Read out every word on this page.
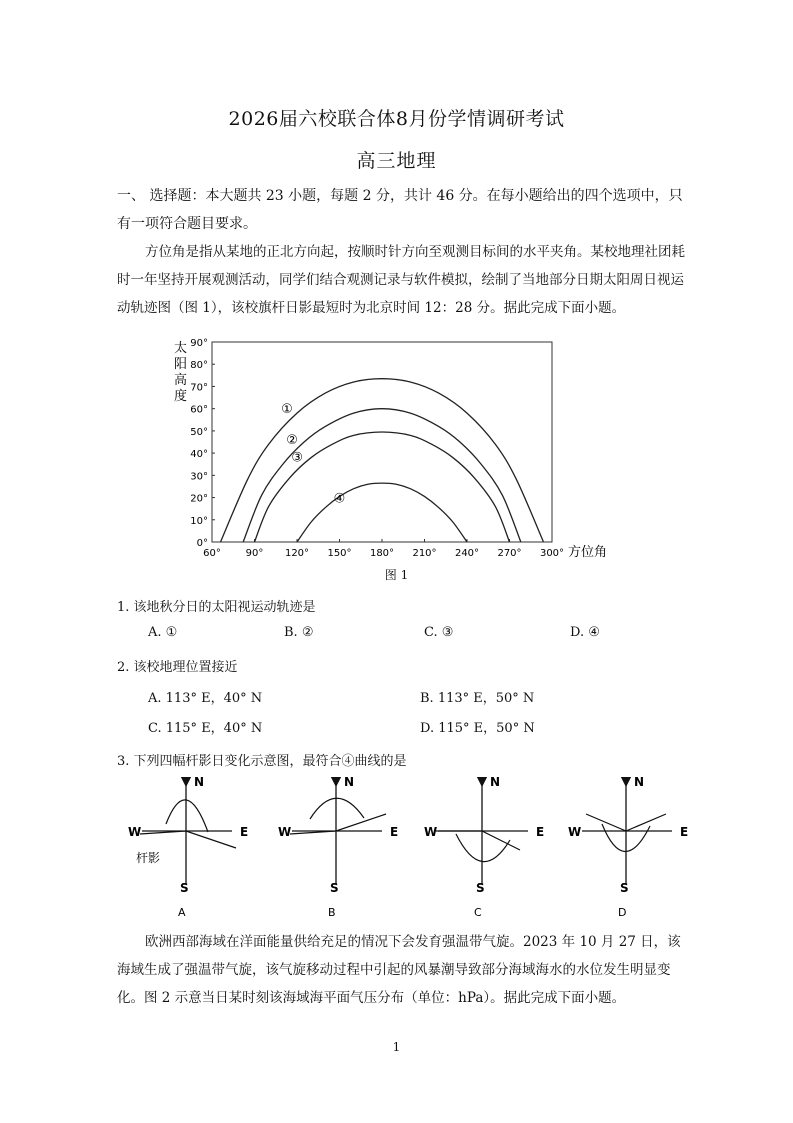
2026届六校联合体8月份学情调研考试
高三地理
一、 选择题：本大题共 23 小题，每题 2 分，共计 46 分。在每小题给出的四个选项中，只有一项符合题目要求。
方位角是指从某地的正北方向起，按顺时针方向至观测目标间的水平夹角。某校地理社团耗时一年坚持开展观测活动，同学们结合观测记录与软件模拟，绘制了当地部分日期太阳周日视运动轨迹图（图 1），该校旗杆日影最短时为北京时间 12：28 分。据此完成下面小题。
0°
10°
20°
30°
40°
50°
60°
70°
80°
90°
60° 90° 120° 150° 180° 210° 240° 270° 300°
①
②
③
④
太
阳
高
度
方位角
图 1
1. 该地秋分日的太阳视运动轨迹是
A. ①	B. ②	C. ③	D. ④
2. 该校地理位置接近
A. 113° E，40° N	B. 113° E，50° N
C. 115° E，40° N	D. 115° E，50° N
3. 下列四幅杆影日变化示意图，最符合④曲线的是
N
W	E
S
杆影
A
N
W	E
S
B
N
W	E
S
C
N
W	E
S
D
欧洲西部海域在洋面能量供给充足的情况下会发育强温带气旋。2023 年 10 月 27 日，该海域生成了强温带气旋，该气旋移动过程中引起的风暴潮导致部分海域海水的水位发生明显变化。图 2 示意当日某时刻该海域海平面气压分布（单位：hPa）。据此完成下面小题。
1
